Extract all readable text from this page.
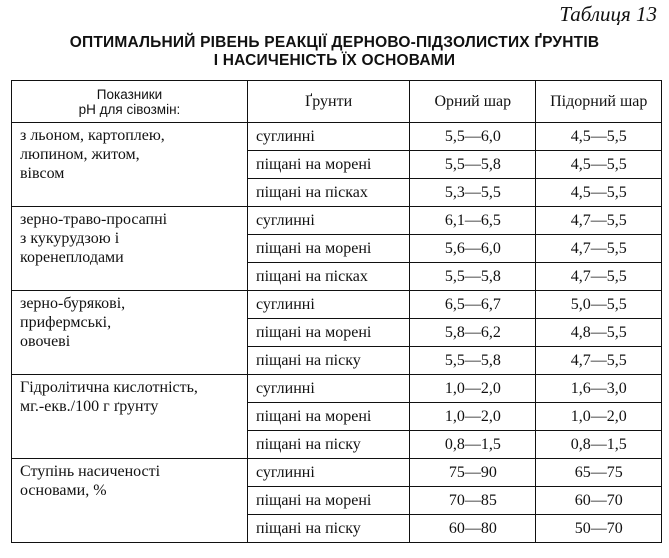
Таблиця 13
ОПТИМАЛЬНИЙ РІВЕНЬ РЕАКЦІЇ ДЕРНОВО-ПІДЗОЛИСТИХ ҐРУНТІВ
І НАСИЧЕНІСТЬ ЇХ ОСНОВАМИ
Показники
pH для сівозмін:	Ґрунти	Орний шар	Підорний шар

з льоном, картоплею,
люпином, житом,
вівсом	суглинні	5,5—6,0	4,5—5,5
	піщані на морені	5,5—5,8	4,5—5,5
	піщані на пісках	5,3—5,5	4,5—5,5

зерно-траво-просапні
з кукурудзою і
коренеплодами	суглинні	6,1—6,5	4,7—5,5
	піщані на морені	5,6—6,0	4,7—5,5
	піщані на пісках	5,5—5,8	4,7—5,5

зерно-бурякові,
прифермські,
овочеві	суглинні	6,5—6,7	5,0—5,5
	піщані на морені	5,8—6,2	4,8—5,5
	піщані на піску	5,5—5,8	4,7—5,5

Гідролітична кислотність,
мг.-екв./100 г ґрунту	суглинні	1,0—2,0	1,6—3,0
	піщані на морені	1,0—2,0	1,0—2,0
	піщані на піску	0,8—1,5	0,8—1,5

Ступінь насиченості
основами, %	суглинні	75—90	65—75
	піщані на морені	70—85	60—70
	піщані на піску	60—80	50—70
